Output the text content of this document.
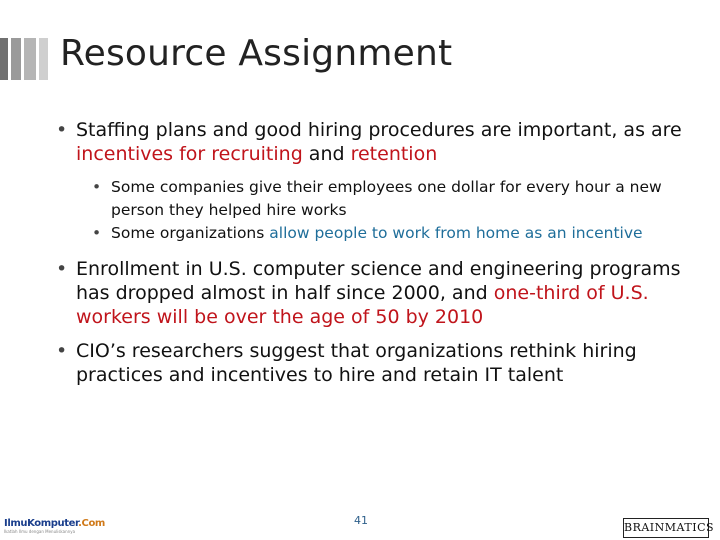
Resource Assignment
• Staffing plans and good hiring procedures are important, as are incentives for recruiting and retention
• Some companies give their employees one dollar for every hour a new person they helped hire works
• Some organizations allow people to work from home as an incentive
• Enrollment in U.S. computer science and engineering programs has dropped almost in half since 2000, and one-third of U.S. workers will be over the age of 50 by 2010
• CIO’s researchers suggest that organizations rethink hiring practices and incentives to hire and retain IT talent
IlmuKomputer.Com
Ikatlah Ilmu dengan Menuliskannya
41
BRAINMATICS
